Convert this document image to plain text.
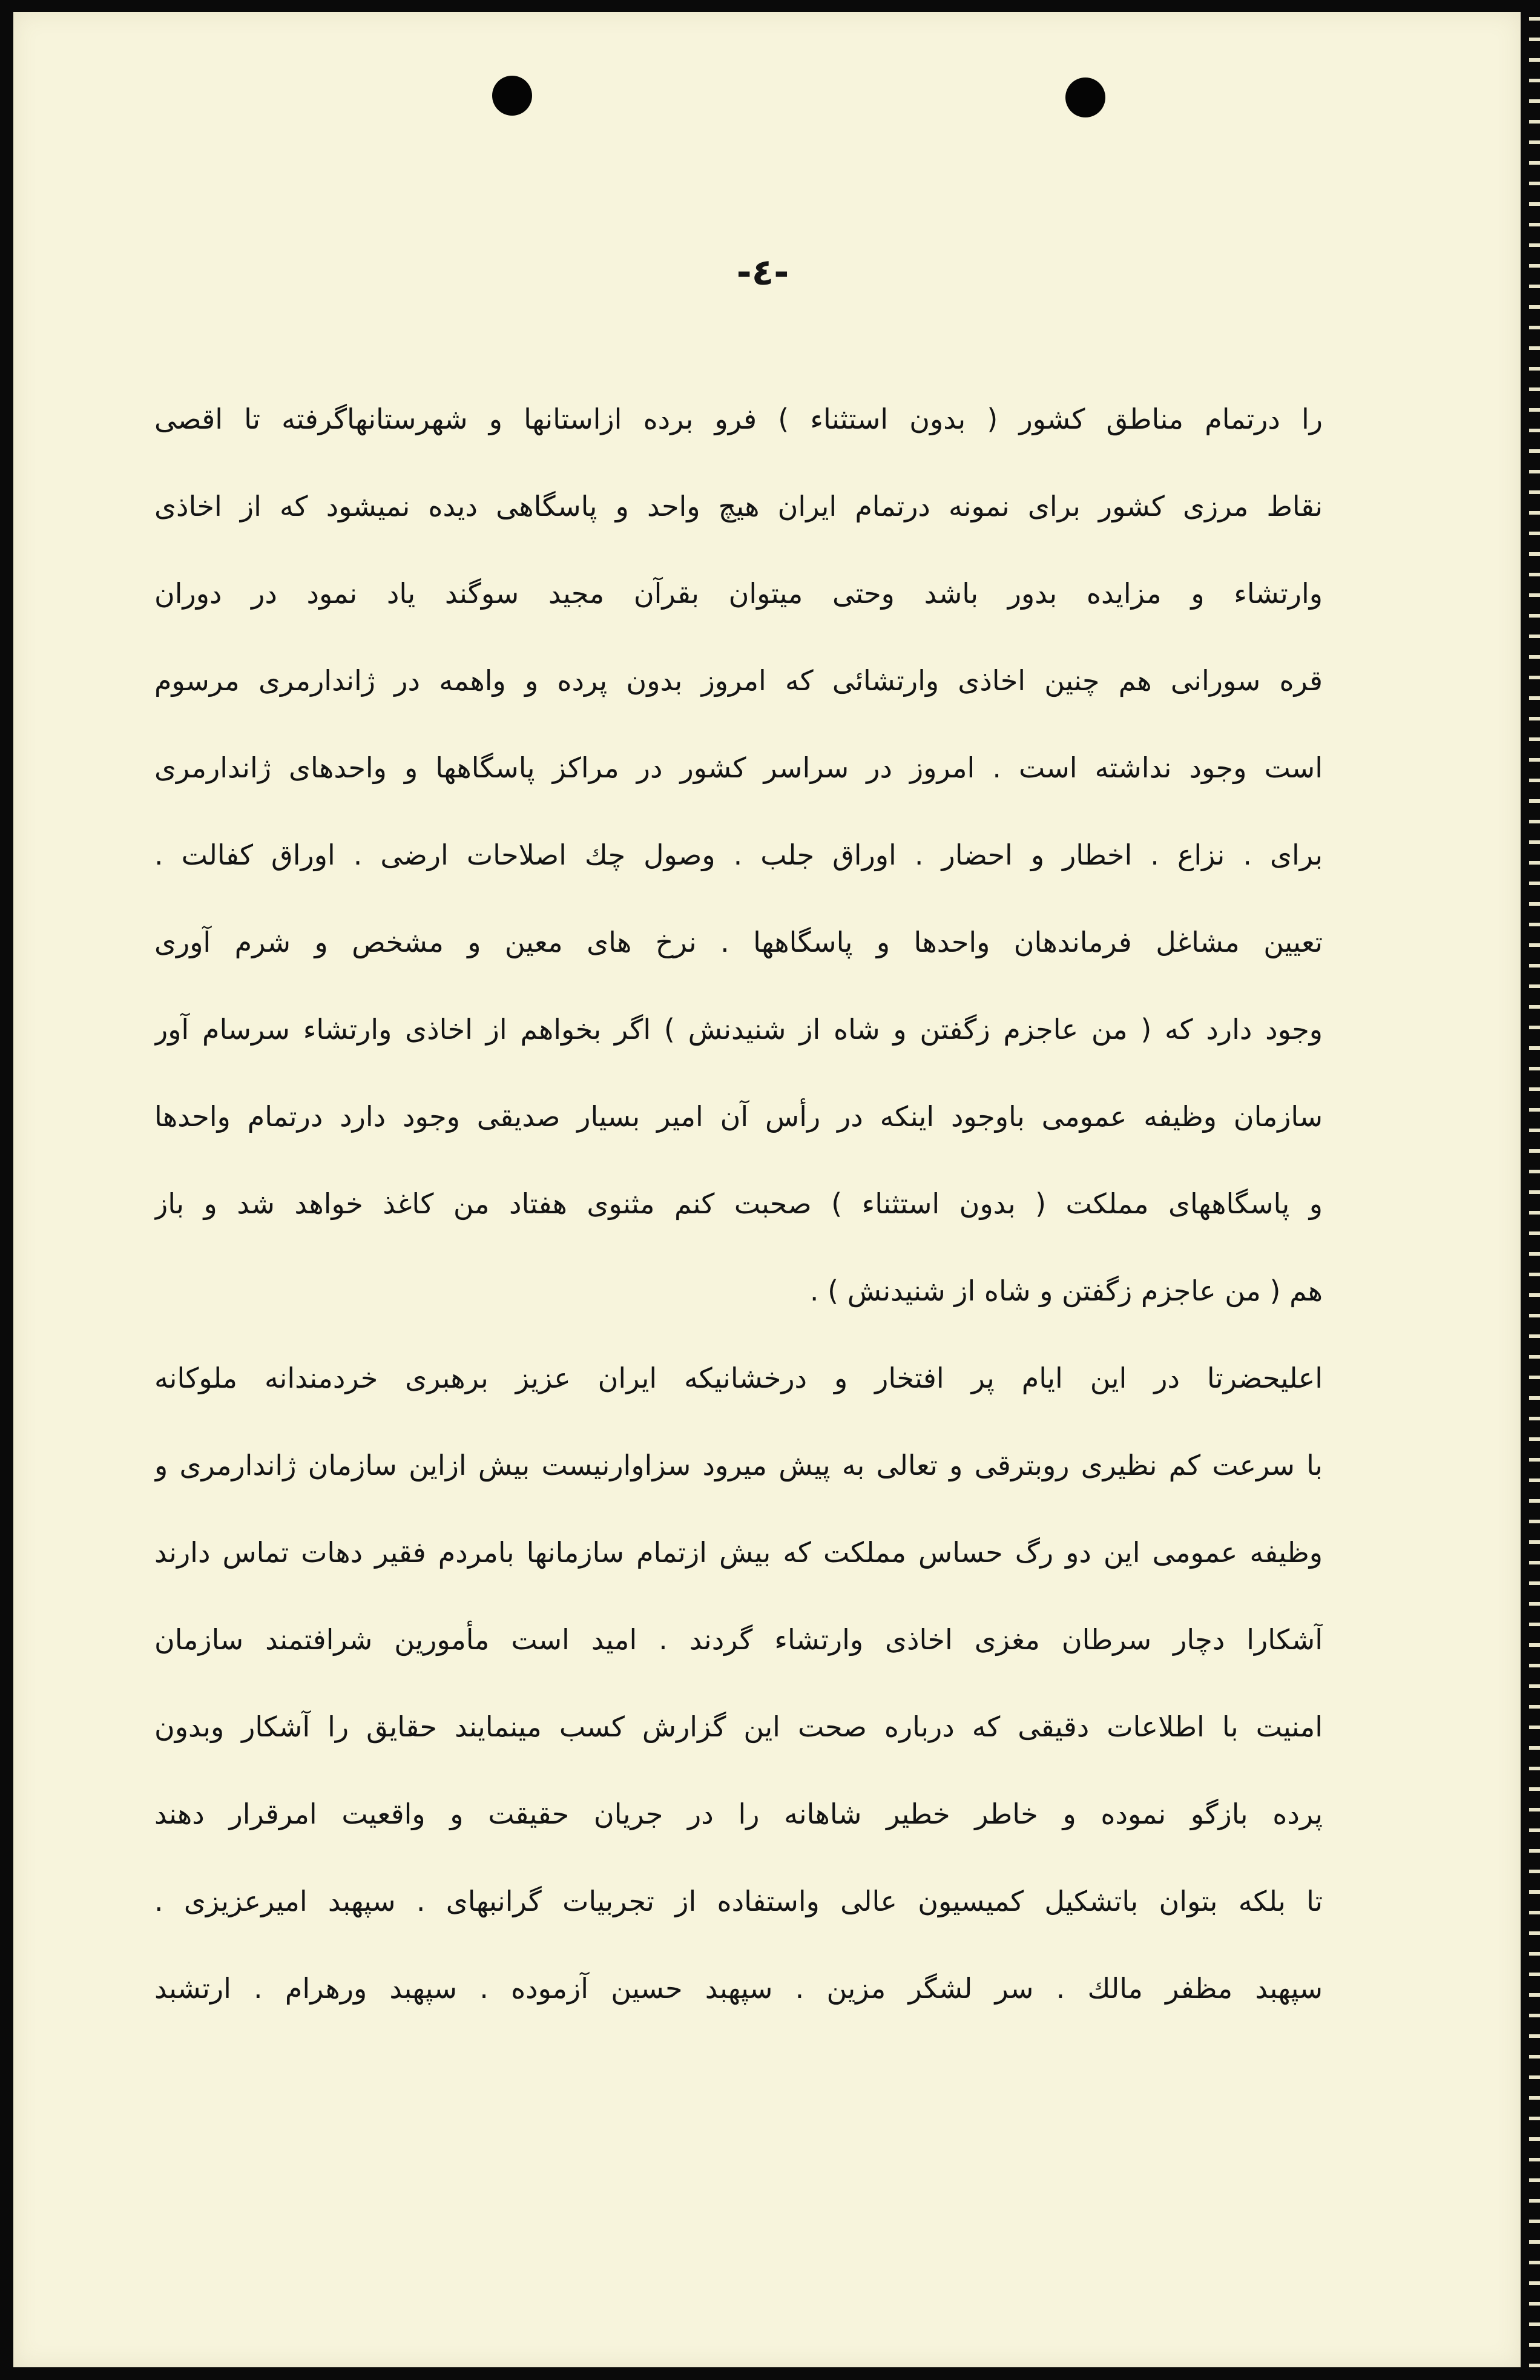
-٤-
را درتمام مناطق کشور ( بدون استثناء ) فرو برده ازاستانها و شهرستانهاگرفته تا اقصی
نقاط مرزی کشور برای نمونه درتمام ایران هیچ واحد و پاسگاهی دیده نمیشود که از اخاذی
وارتشاء و مزایده بدور باشد وحتی میتوان بقرآن مجید سوگند یاد نمود در دوران
قره سورانی هم چنین اخاذی وارتشائی که امروز بدون پرده و واهمه در ژاندارمری مرسوم
است وجود نداشته است . امروز در سراسر کشور در مراکز پاسگاهها و واحدهای ژاندارمری
برای . نزاع . اخطار و احضار . اوراق جلب . وصول چك اصلاحات ارضی . اوراق کفالت .
تعیین مشاغل فرماندهان واحدها و پاسگاهها . نرخ های معین و مشخص و شرم آوری
وجود دارد که ( من عاجزم زگفتن و شاه از شنیدنش ) اگر بخواهم از اخاذی وارتشاء سرسام آور
سازمان وظیفه عمومی باوجود اینکه در رأس آن امیر بسیار صدیقی وجود دارد درتمام واحدها
و پاسگاههای مملکت ( بدون استثناء ) صحبت کنم مثنوی هفتاد من کاغذ خواهد شد و باز
هم ( من عاجزم زگفتن و شاه از شنیدنش ) .
اعلیحضرتا در این ایام پر افتخار و درخشانیکه ایران عزیز برهبری خردمندانه ملوکانه
با سرعت کم نظیری روبترقی و تعالی به پیش میرود سزاوارنیست بیش ازاین سازمان ژاندارمری و
وظیفه عمومی این دو رگ حساس مملکت که بیش ازتمام سازمانها بامردم فقیر دهات تماس دارند
آشکارا دچار سرطان مغزی اخاذی وارتشاء گردند . امید است مأمورین شرافتمند سازمان
امنیت با اطلاعات دقیقی که درباره صحت این گزارش کسب مینمایند حقایق را آشکار وبدون
پرده بازگو نموده و خاطر خطیر شاهانه را در جریان حقیقت و واقعیت امرقرار دهند
تا بلکه بتوان باتشکیل کمیسیون عالی واستفاده از تجربیات گرانبهای . سپهبد امیرعزیزی .
سپهبد مظفر مالك . سر لشگر مزین . سپهبد حسین آزموده . سپهبد ورهرام . ارتشبد
